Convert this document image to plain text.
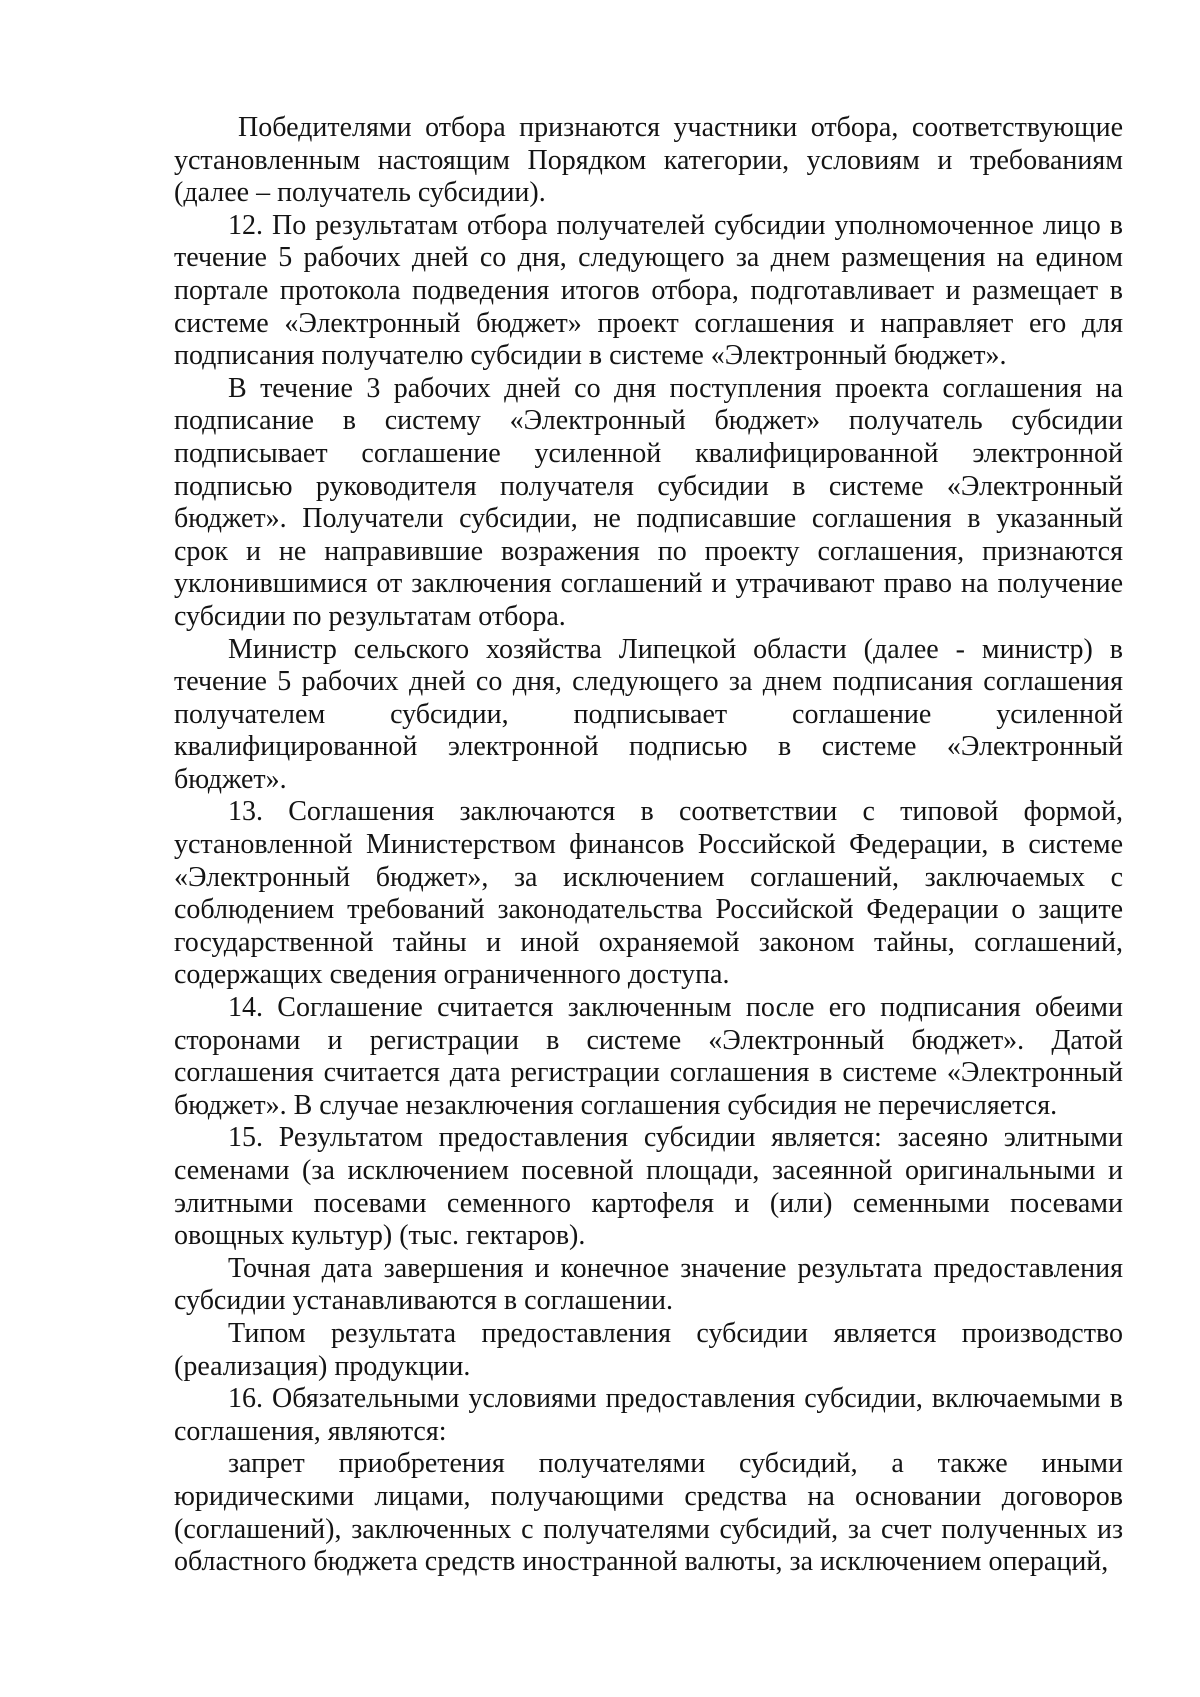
Победителями отбора признаются участники отбора, соответствующие установленным настоящим Порядком категории, условиям и требованиям (далее – получатель субсидии).

12. По результатам отбора получателей субсидии уполномоченное лицо в течение 5 рабочих дней со дня, следующего за днем размещения на едином портале протокола подведения итогов отбора, подготавливает и размещает в системе «Электронный бюджет» проект соглашения и направляет его для подписания получателю субсидии в системе «Электронный бюджет».

В течение 3 рабочих дней со дня поступления проекта соглашения на подписание в систему «Электронный бюджет» получатель субсидии подписывает соглашение усиленной квалифицированной электронной подписью руководителя получателя субсидии в системе «Электронный бюджет». Получатели субсидии, не подписавшие соглашения в указанный срок и не направившие возражения по проекту соглашения, признаются уклонившимися от заключения соглашений и утрачивают право на получение субсидии по результатам отбора.

Министр сельского хозяйства Липецкой области (далее - министр) в течение 5 рабочих дней со дня, следующего за днем подписания соглашения получателем субсидии, подписывает соглашение усиленной квалифицированной электронной подписью в системе «Электронный бюджет».

13. Соглашения заключаются в соответствии с типовой формой, установленной Министерством финансов Российской Федерации, в системе «Электронный бюджет», за исключением соглашений, заключаемых с соблюдением требований законодательства Российской Федерации о защите государственной тайны и иной охраняемой законом тайны, соглашений, содержащих сведения ограниченного доступа.

14. Соглашение считается заключенным после его подписания обеими сторонами и регистрации в системе «Электронный бюджет». Датой соглашения считается дата регистрации соглашения в системе «Электронный бюджет». В случае незаключения соглашения субсидия не перечисляется.

15. Результатом предоставления субсидии является: засеяно элитными семенами (за исключением посевной площади, засеянной оригинальными и элитными посевами семенного картофеля и (или) семенными посевами овощных культур) (тыс. гектаров).

Точная дата завершения и конечное значение результата предоставления субсидии устанавливаются в соглашении.

Типом результата предоставления субсидии является производство (реализация) продукции.

16. Обязательными условиями предоставления субсидии, включаемыми в соглашения, являются:

запрет приобретения получателями субсидий, а также иными юридическими лицами, получающими средства на основании договоров (соглашений), заключенных с получателями субсидий, за счет полученных из областного бюджета средств иностранной валюты, за исключением операций,
